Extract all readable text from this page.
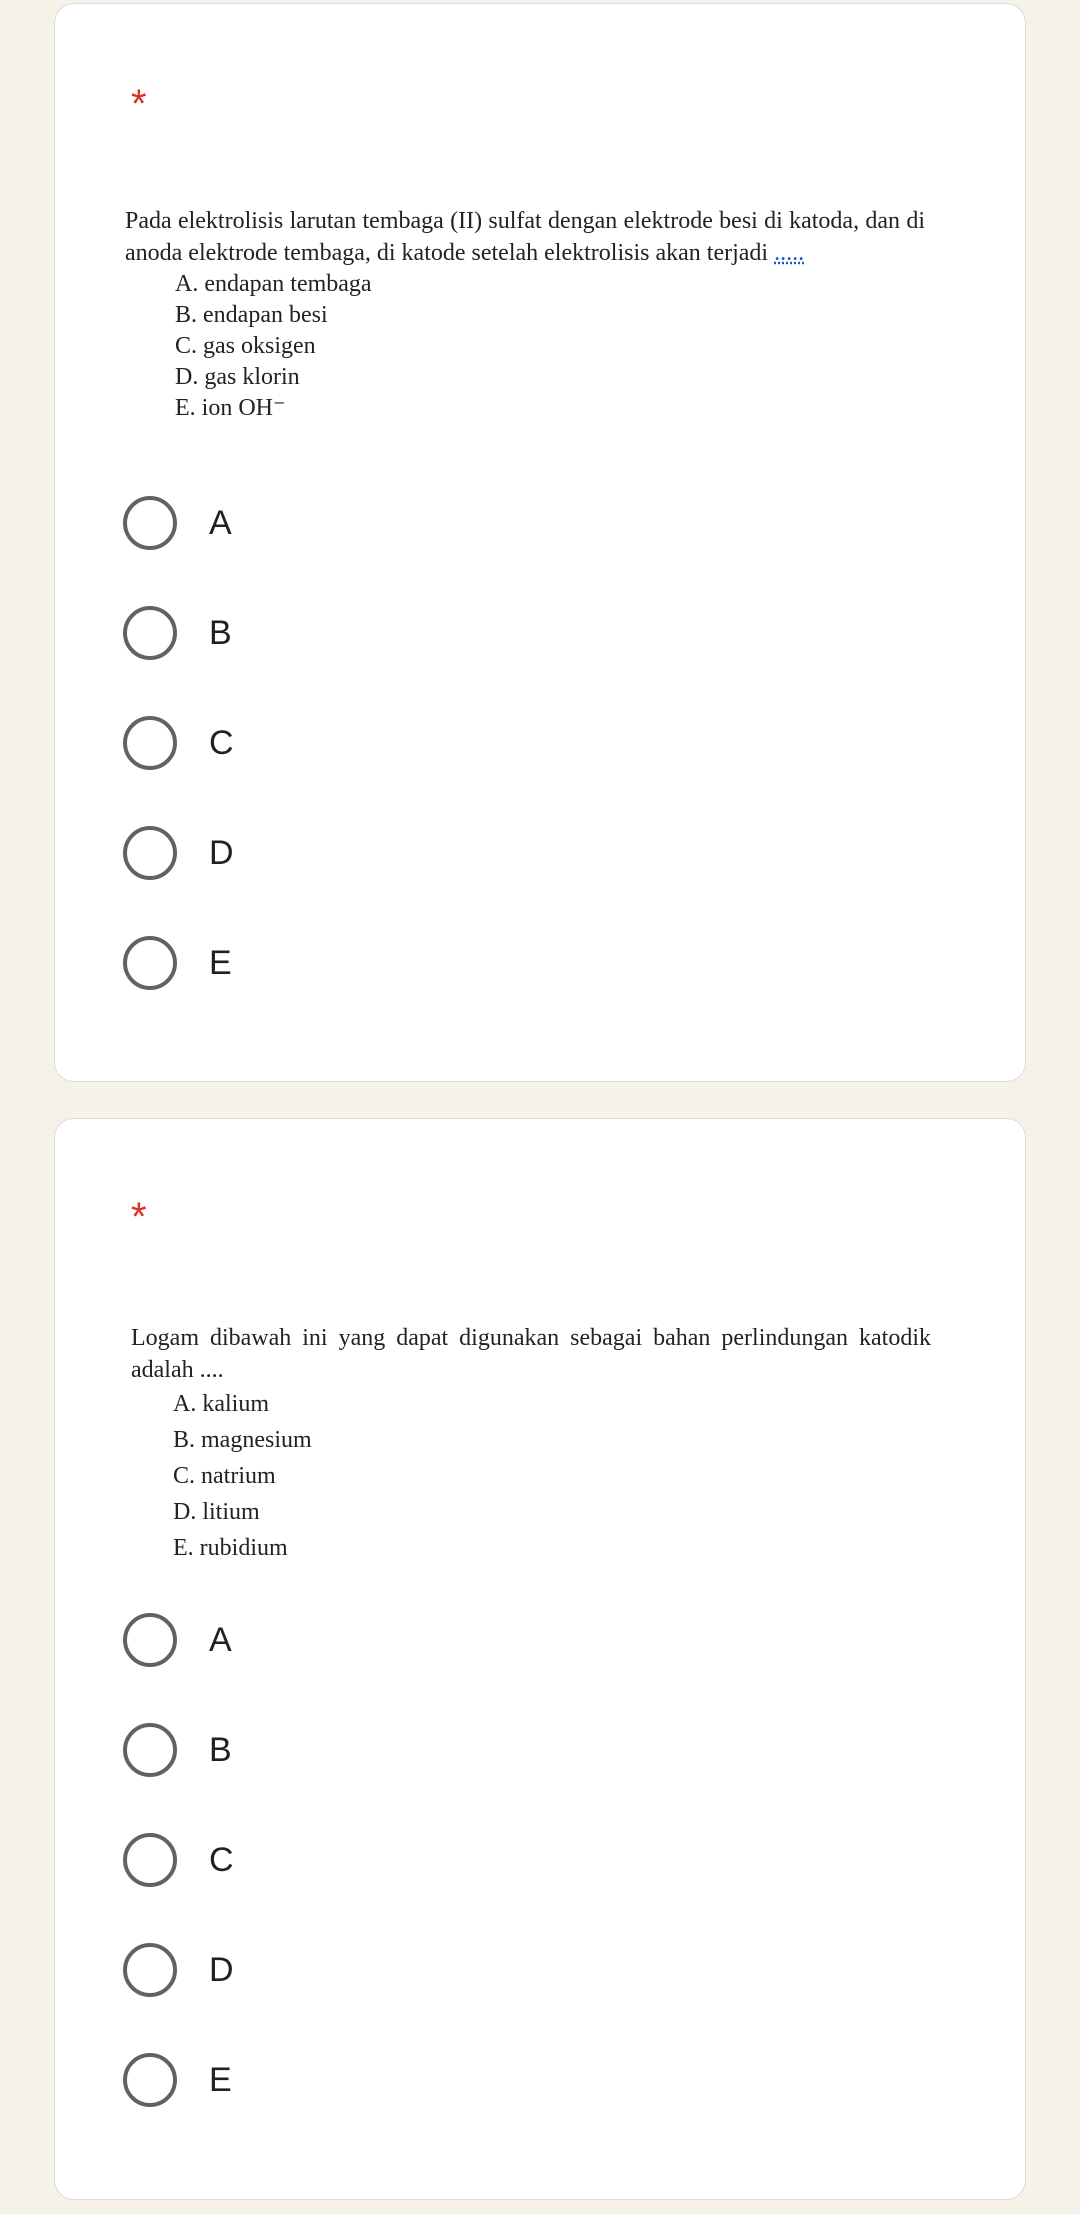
*

Pada elektrolisis larutan tembaga (II) sulfat dengan elektrode besi di katoda, dan di anoda elektrode tembaga, di katode setelah elektrolisis akan terjadi .....

A. endapan tembaga
B. endapan besi
C. gas oksigen
D. gas klorin
E. ion OH⁻
A
B
C
D
E
*

Logam dibawah ini yang dapat digunakan sebagai bahan perlindungan katodik adalah ....

A. kalium
B. magnesium
C. natrium
D. litium
E. rubidium
A
B
C
D
E
